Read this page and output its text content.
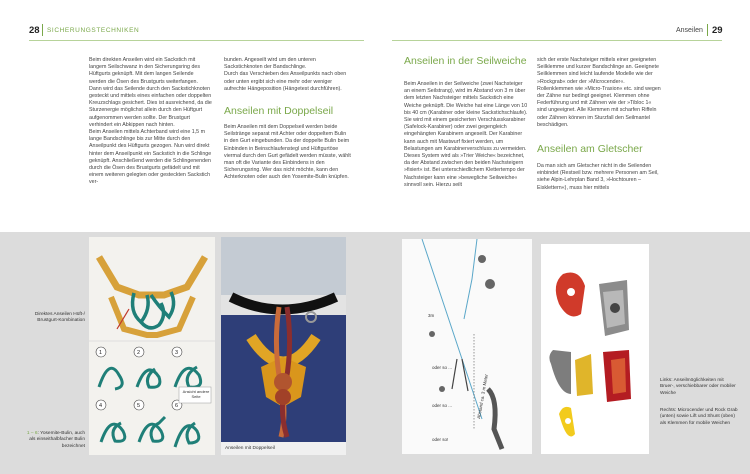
28 SICHERUNGSTECHNIKEN	Anseilen 29

Beim direkten Anseilen wird ein Sackstich mit langem Seilschwanz in den Sicherungsring des Hüftgurts geknüpft. Mit dem langen Seilende werden die Ösen des Brustgurts weiterfangen. Dann wird das Seilende durch den Sackstichknoten gesteckt und mittels eines einfachen oder doppelten Kreuzschlags gesichert. Dies ist ausreichend, da die Sturzenergie möglichst allein durch den Hüftgurt aufgenommen werden sollte. Der Brustgurt verhindert ein Abkippen nach hinten.

Beim Anseilen mittels Achterband wird eine 1,5 m lange Bandschlinge bis zur Mitte durch den Anseilpunkt des Hüftgurts gezogen. Nun wird direkt hinter dem Anseilpunkt ein Sackstich in die Schlinge geknüpft. Anschließend werden die Schlingenenden durch die Ösen des Brustgurts gefädelt und mit einem weiteren gelegten oder gesteckten Sackstich ver-

bunden. Angeseilt wird um den unteren Sackstichknoten der Bandschlinge.

Durch das Verschieben des Anseilpunkts nach oben oder unten ergibt sich eine mehr oder weniger aufrechte Hängeposition (Hängetest durchführen).

Anseilen mit Doppelseil

Beim Anseilen mit dem Doppelseil werden beide Seilstränge separat mit Achter oder doppeltem Bulin in den Gurt eingebunden. Da der doppelte Bulin beim Einbinden in Beinschlaufenstegl und Hüftgurtöse viermal durch den Gurt gefädelt werden müsste, wählt man oft die Variante des Einbindens in den Sicherungsring. Wer das nicht möchte, kann den Achterknoten oder auch den Yosemite-Bulin knüpfen.

Anseilen in der Seilweiche

Beim Anseilen in der Seilweiche (zwei Nachsteiger an einem Seilstrang), wird im Abstand von 3 m über dem letzten Nachsteiger mittels Sackstich eine Weiche geknüpft. Die Weiche hat eine Länge von 10 bis 40 cm (Karabiner oder kleine Sackstichschlaufe). Sie wird mit einem gesicherten Verschlusskarabiner (Safelock-Karabiner) oder zwei gegengleich eingehängten Karabinern angeseilt. Der Karabiner kann auch mit Mastwurf fixiert werden, um Belastungen am Karabinerverschluss zu vermeiden. Dieses System wird als »Trier Weiche« bezeichnet, da der Abstand zwischen den beiden Nachsteigern »fixiert« ist. Bei unterschiedlichem Klettertempo der Nachsteiger kann eine »bewegliche Seilweiche« sinnvoll sein. Hierzu seilt

sich der erste Nachsteiger mittels einer geeigneten Seilklemme und kurzer Bandschlinge an. Geeignete Seilklemmen sind leicht laufende Modelle wie der »Rockgrab« oder der »Microcender«. Rollenklemmen wie »Micro-Traxion« etc. sind wegen der Zähne nur bedingt geeignet. Klemmen ohne Federführung und mit Zähnen wie der »Tibloc 1« sind ungeeignet. Alle Klemmen mit scharfen Riffeln oder Zähnen können im Sturzfall den Seilmantel beschädigen.

Anseilen am Gletscher

Da man sich am Gletscher nicht in die Seilenden einbindet (Restseil bzw. mehrere Personen am Seil, siehe Alpin-Lehrplan Band 3, »Hochtouren – Eisklettern«), muss hier mittels

Direktes Anseilen Hüft-/ Brustgurt-Kombination
1 – 6: Yosemite-Bulin, auch als einseithalbfacher Bulin bezeichnet
1	2	3
4	5	6
Ansicht andere Seite
Anseilen mit Doppelseil
3m
oder so ...
oder so ...
oder so!
Abstand ca. 3 m Meter	Links: Anseilmöglichkeiten mit Bruer-, verschiebbarer oder mobiler Weiche
Rechts: Microcender und Rock Grab (unten) sowie Lift und Shunt (oben) als Klemmen für mobile Weichen
